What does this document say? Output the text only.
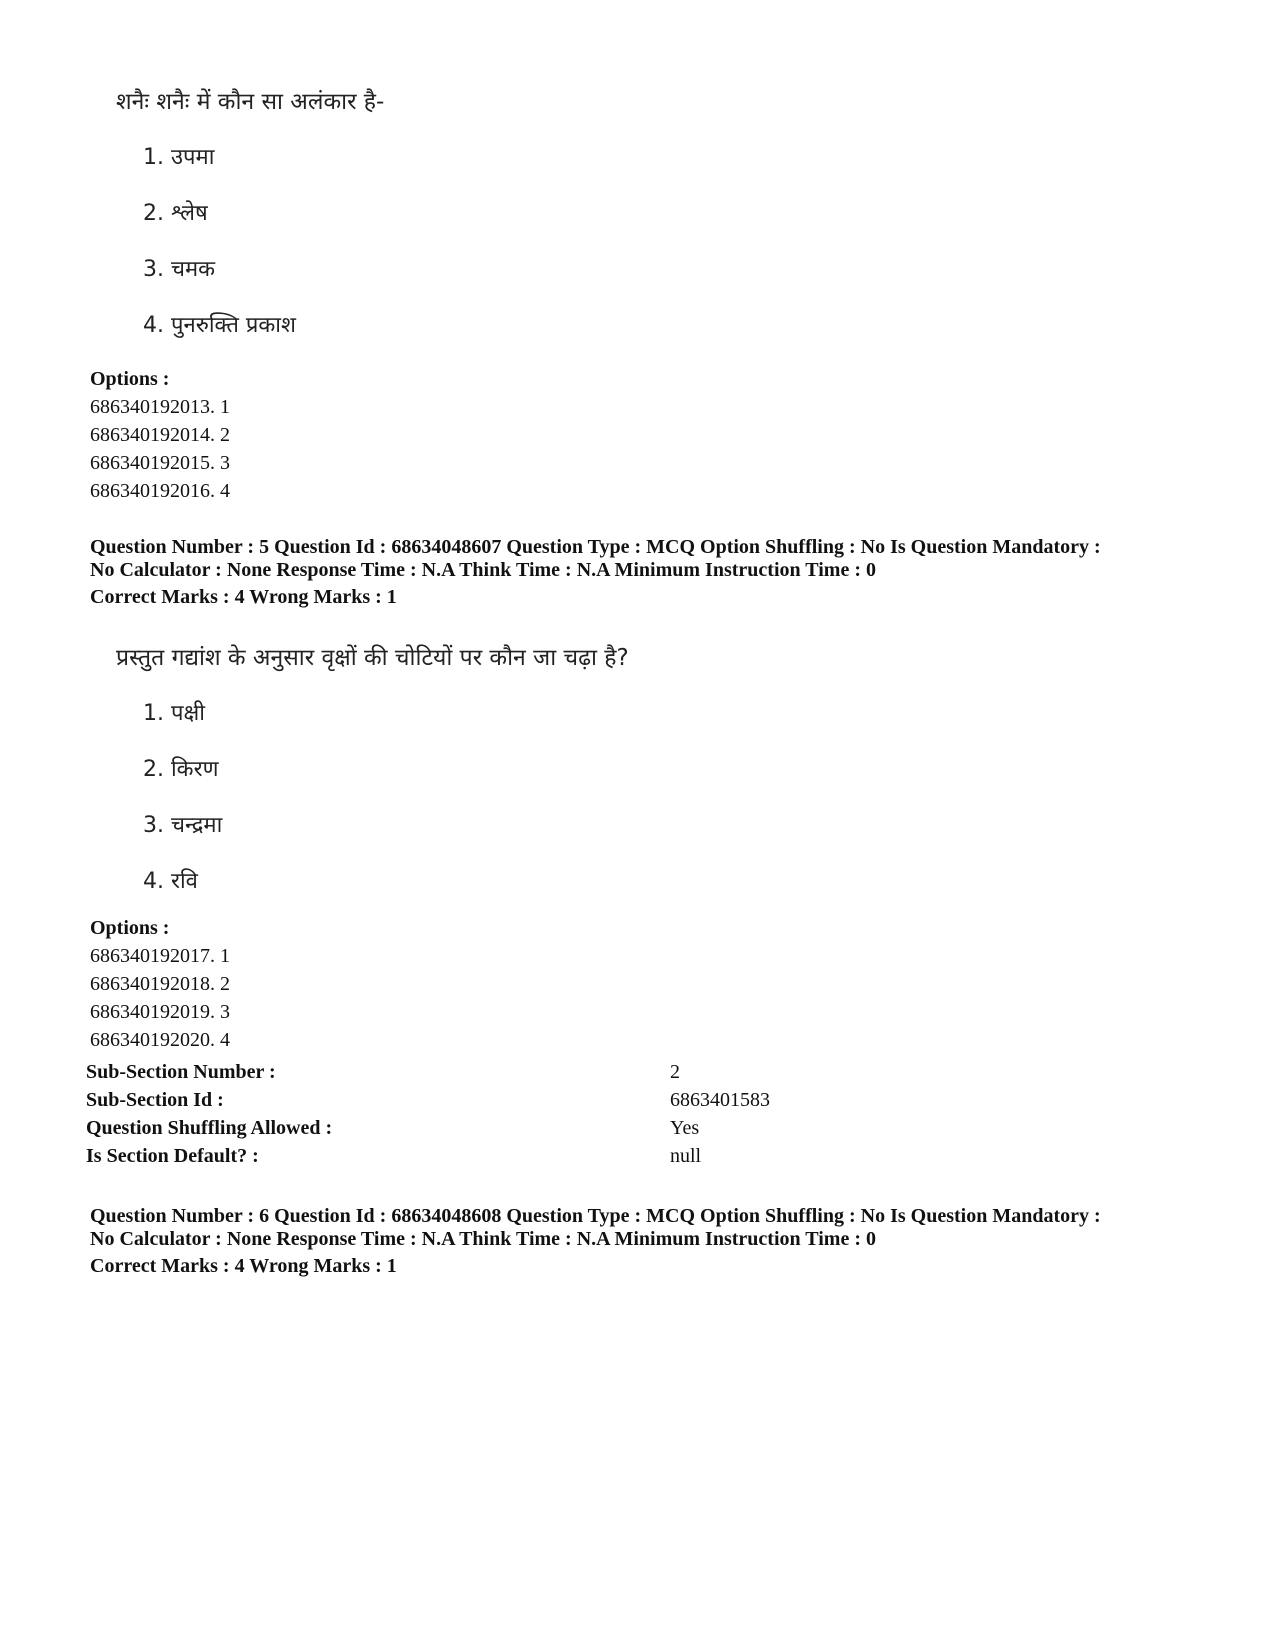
शनैः शनैः में कौन सा अलंकार है-
1. उपमा
2. श्लेष
3. चमक
4. पुनरुक्ति प्रकाश
Options :
686340192013. 1
686340192014. 2
686340192015. 3
686340192016. 4
Question Number : 5 Question Id : 68634048607 Question Type : MCQ Option Shuffling : No Is Question Mandatory :
No Calculator : None Response Time : N.A Think Time : N.A Minimum Instruction Time : 0
Correct Marks : 4 Wrong Marks : 1
प्रस्तुत गद्यांश के अनुसार वृक्षों की चोटियों पर कौन जा चढ़ा है?
1. पक्षी
2. किरण
3. चन्द्रमा
4. रवि
Options :
686340192017. 1
686340192018. 2
686340192019. 3
686340192020. 4
Sub-Section Number :	2
Sub-Section Id :	6863401583
Question Shuffling Allowed :	Yes
Is Section Default? :	null
Question Number : 6 Question Id : 68634048608 Question Type : MCQ Option Shuffling : No Is Question Mandatory :
No Calculator : None Response Time : N.A Think Time : N.A Minimum Instruction Time : 0
Correct Marks : 4 Wrong Marks : 1
